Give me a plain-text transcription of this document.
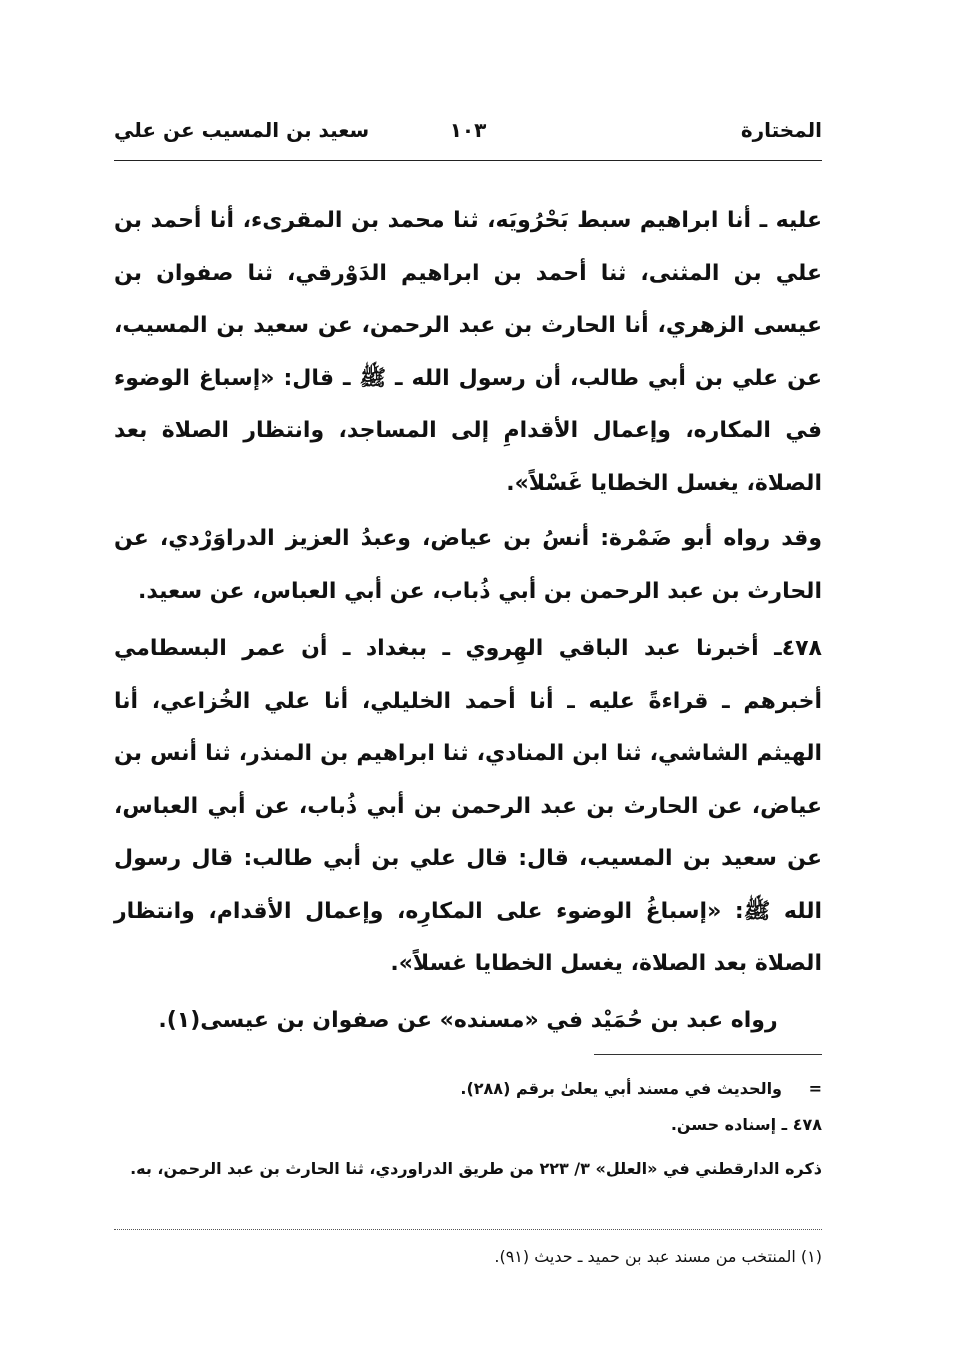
المختارة
١٠٣
سعيد بن المسيب عن علي

عليه ـ أنا ابراهيم سبط بَحْرُويَه، ثنا محمد بن المقرىء، أنا أحمد بن علي بن المثنى، ثنا أحمد بن ابراهيم الدَوْرقي، ثنا صفوان بن عيسى الزهري، أنا الحارث بن عبد الرحمن، عن سعيد بن المسيب، عن علي بن أبي طالب، أن رسول الله ـ ﷺ ـ قال: «إسباغ الوضوء في المكاره، وإعمال الأقدامِ إلى المساجد، وانتظار الصلاة بعد الصلاة، يغسل الخطايا غَسْلاً».

وقد رواه أبو ضَمْرة: أنسُ بن عياض، وعبدُ العزيز الدراوَرْدي، عن الحارث بن عبد الرحمن بن أبي ذُباب، عن أبي العباس، عن سعيد.

٤٧٨ـ أخبرنا عبد الباقي الهِروي ـ ببغداد ـ أن عمر البسطامي أخبرهم ـ قراءةً عليه ـ أنا أحمد الخليلي، أنا علي الخُزاعي، أنا الهيثم الشاشي، ثنا ابن المنادي، ثنا ابراهيم بن المنذر، ثنا أنس بن عياض، عن الحارث بن عبد الرحمن بن أبي ذُباب، عن أبي العباس، عن سعيد بن المسيب، قال: قال علي بن أبي طالب: قال رسول الله ﷺ: «إسباغُ الوضوء على المكارِه، وإعمال الأقدام، وانتظار الصلاة بعد الصلاة، يغسل الخطايا غسلاً».

رواه عبد بن حُمَيْد في «مسنده» عن صفوان بن عيسى(١).

=والحديث في مسند أبي يعلىٰ برقم (٢٨٨).

٤٧٨ ـ إسناده حسن.

ذكره الدارقطني في «العلل» ٣/ ٢٢٣ من طريق الدراوردي، ثنا الحارث بن عبد الرحمن، به.

(١) المنتخب من مسند عبد بن حميد ـ حديث (٩١).
